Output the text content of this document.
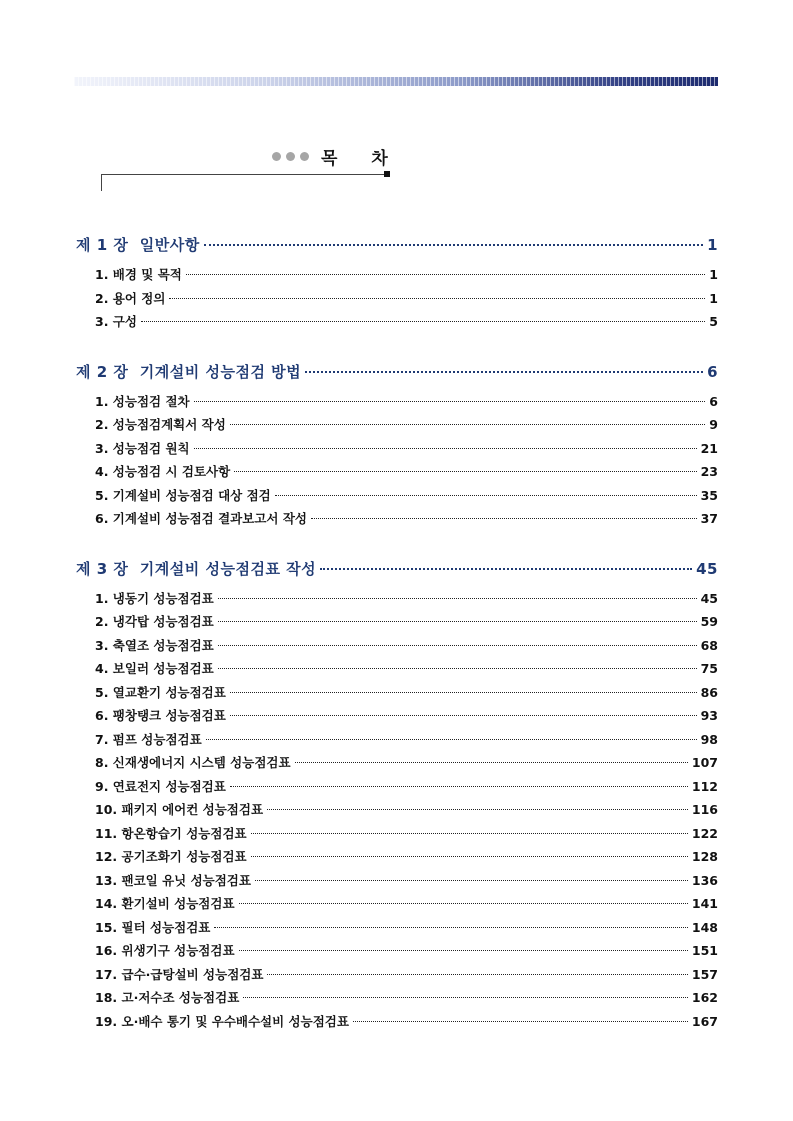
목 차
제 1 장  일반사항	1
1. 배경 및 목적	1
2. 용어 정의	1
3. 구성	5
제 2 장  기계설비 성능점검 방법	6
1. 성능점검 절차	6
2. 성능점검계획서 작성	9
3. 성능점검 원칙	21
4. 성능점검 시 검토사항	23
5. 기계설비 성능점검 대상 점검	35
6. 기계설비 성능점검 결과보고서 작성	37
제 3 장  기계설비 성능점검표 작성	45
1. 냉동기 성능점검표	45
2. 냉각탑 성능점검표	59
3. 축열조 성능점검표	68
4. 보일러 성능점검표	75
5. 열교환기 성능점검표	86
6. 팽창탱크 성능점검표	93
7. 펌프 성능점검표	98
8. 신재생에너지 시스템 성능점검표	107
9. 연료전지 성능점검표	112
10. 패키지 에어컨 성능점검표	116
11. 항온항습기 성능점검표	122
12. 공기조화기 성능점검표	128
13. 팬코일 유닛 성능점검표	136
14. 환기설비 성능점검표	141
15. 필터 성능점검표	148
16. 위생기구 성능점검표	151
17. 급수·급탕설비 성능점검표	157
18. 고·저수조 성능점검표	162
19. 오·배수 통기 및 우수배수설비 성능점검표	167
